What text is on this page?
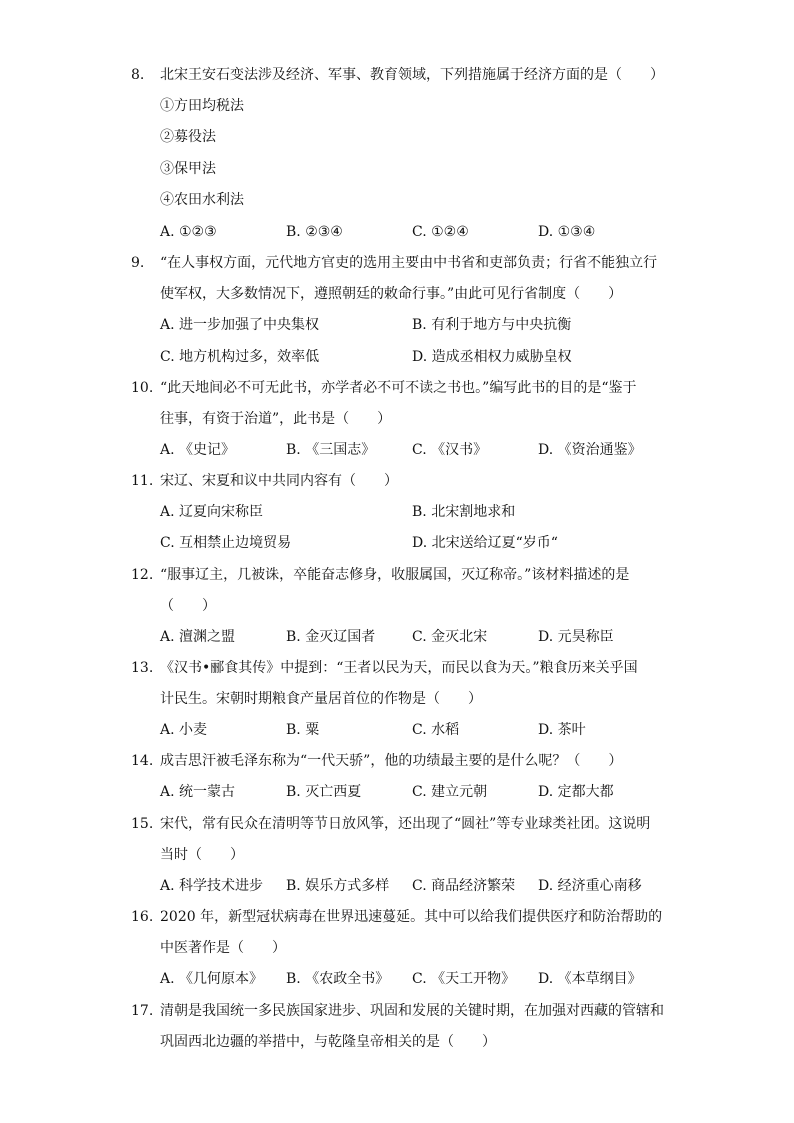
8.	北宋王安石变法涉及经济、军事、教育领域，下列措施属于经济方面的是（　　）
①方田均税法
②募役法
③保甲法
④农田水利法
A. ①②③	B. ②③④	C. ①②④	D. ①③④
9.	“在人事权方面，元代地方官吏的选用主要由中书省和吏部负责；行省不能独立行
使军权，大多数情况下，遵照朝廷的敕命行事。”由此可见行省制度（　　）
A. 进一步加强了中央集权	B. 有利于地方与中央抗衡
C. 地方机构过多，效率低	D. 造成丞相权力威胁皇权
10. “此天地间必不可无此书，亦学者必不可不读之书也。”编写此书的目的是“鉴于
往事，有资于治道”，此书是（　　）
A. 《史记》	B. 《三国志》	C. 《汉书》	D. 《资治通鉴》
11. 宋辽、宋夏和议中共同内容有（　　）
A. 辽夏向宋称臣	B. 北宋割地求和
C. 互相禁止边境贸易	D. 北宋送给辽夏“岁币“
12. “服事辽主，几被诛，卒能奋志修身，收服属国，灭辽称帝。”该材料描述的是
（　　）
A. 澶渊之盟	B. 金灭辽国者	C. 金灭北宋	D. 元昊称臣
13. 《汉书•郦食其传》中提到：“王者以民为天，而民以食为天。”粮食历来关乎国
计民生。宋朝时期粮食产量居首位的作物是（　　）
A. 小麦	B. 粟	C. 水稻	D. 茶叶
14. 成吉思汗被毛泽东称为“一代天骄”，他的功绩最主要的是什么呢？（　　）
A. 统一蒙古	B. 灭亡西夏	C. 建立元朝	D. 定都大都
15. 宋代，常有民众在清明等节日放风筝，还出现了“圆社”等专业球类社团。这说明
当时（　　）
A. 科学技术进步 B. 娱乐方式多样 C. 商品经济繁荣 D. 经济重心南移
16. 2020 年，新型冠状病毒在世界迅速蔓延。其中可以给我们提供医疗和防治帮助的
中医著作是（　　）
A. 《几何原本》 B. 《农政全书》 C. 《天工开物》 D. 《本草纲目》
17. 清朝是我国统一多民族国家进步、巩固和发展的关键时期，在加强对西藏的管辖和
巩固西北边疆的举措中，与乾隆皇帝相关的是（　　）
